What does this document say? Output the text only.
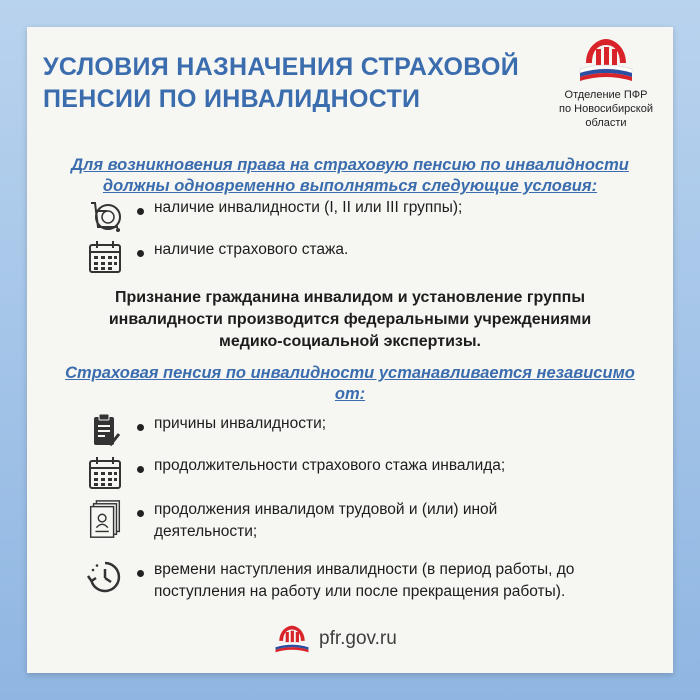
УСЛОВИЯ НАЗНАЧЕНИЯ СТРАХОВОЙ
ПЕНСИИ ПО ИНВАЛИДНОСТИ	Отделение ПФР
по Новосибирской
области
Для возникновения права на страховую пенсию по инвалидности
должны одновременно выполняться следующие условия:
наличие инвалидности (I, II или III группы);
наличие страхового стажа.
Признание гражданина инвалидом и установление группы
инвалидности производится федеральными учреждениями
медико-социальной экспертизы.
Страховая пенсия по инвалидности устанавливается независимо
от:
причины инвалидности;
продолжительности страхового стажа инвалида;
продолжения инвалидом трудовой и (или) иной
деятельности;
времени наступления инвалидности (в период работы, до
поступления на работу или после прекращения работы).
pfr.gov.ru
